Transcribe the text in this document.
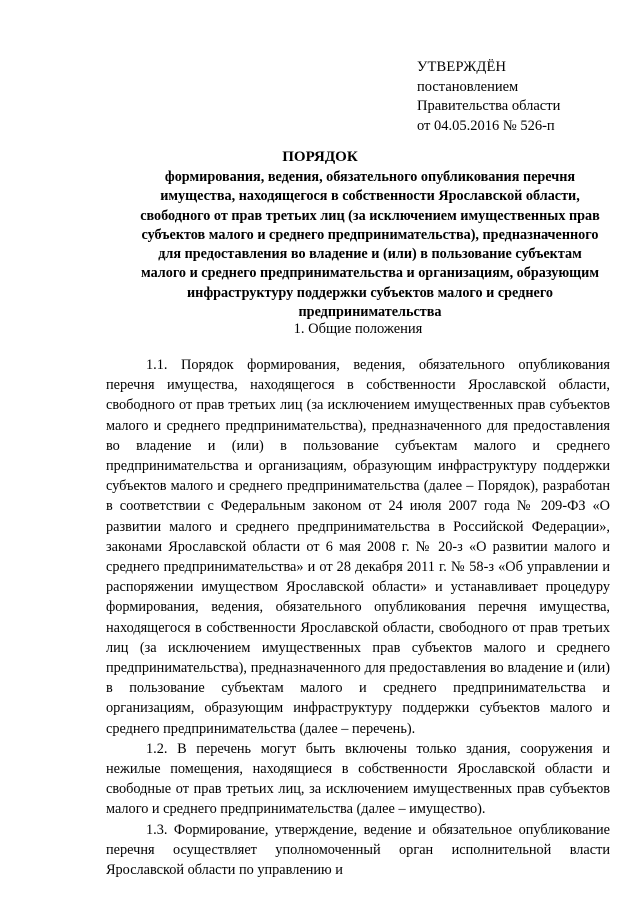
УТВЕРЖДЁН
постановлением
Правительства области
от 04.05.2016 № 526-п
ПОРЯДОК
формирования, ведения, обязательного опубликования перечня
имущества, находящегося в собственности Ярославской области,
свободного от прав третьих лиц (за исключением имущественных прав
субъектов малого и среднего предпринимательства), предназначенного
для предоставления во владение и (или) в пользование субъектам
малого и среднего предпринимательства и организациям, образующим
инфраструктуру поддержки субъектов малого и среднего
предпринимательства
1. Общие положения

1.1. Порядок формирования, ведения, обязательного опубликования перечня имущества, находящегося в собственности Ярославской области, свободного от прав третьих лиц (за исключением имущественных прав субъектов малого и среднего предпринимательства), предназначенного для предоставления во владение и (или) в пользование субъектам малого и среднего предпринимательства и организациям, образующим инфраструктуру поддержки субъектов малого и среднего предпринимательства (далее – Порядок), разработан в соответствии с Федеральным законом от 24 июля 2007 года № 209-ФЗ «О развитии малого и среднего предпринимательства в Российской Федерации», законами Ярославской области от 6 мая 2008 г. № 20-з «О развитии малого и среднего предпринимательства» и от 28 декабря 2011 г. № 58-з «Об управлении и распоряжении имуществом Ярославской области» и устанавливает процедуру формирования, ведения, обязательного опубликования перечня имущества, находящегося в собственности Ярославской области, свободного от прав третьих лиц (за исключением имущественных прав субъектов малого и среднего предпринимательства), предназначенного для предоставления во владение и (или) в пользование субъектам малого и среднего предпринимательства и организациям, образующим инфраструктуру поддержки субъектов малого и среднего предпринимательства (далее – перечень).

1.2. В перечень могут быть включены только здания, сооружения и нежилые помещения, находящиеся в собственности Ярославской области и свободные от прав третьих лиц, за исключением имущественных прав субъектов малого и среднего предпринимательства (далее – имущество).

1.3. Формирование, утверждение, ведение и обязательное опубликование перечня осуществляет уполномоченный орган исполнительной власти Ярославской области по управлению и
